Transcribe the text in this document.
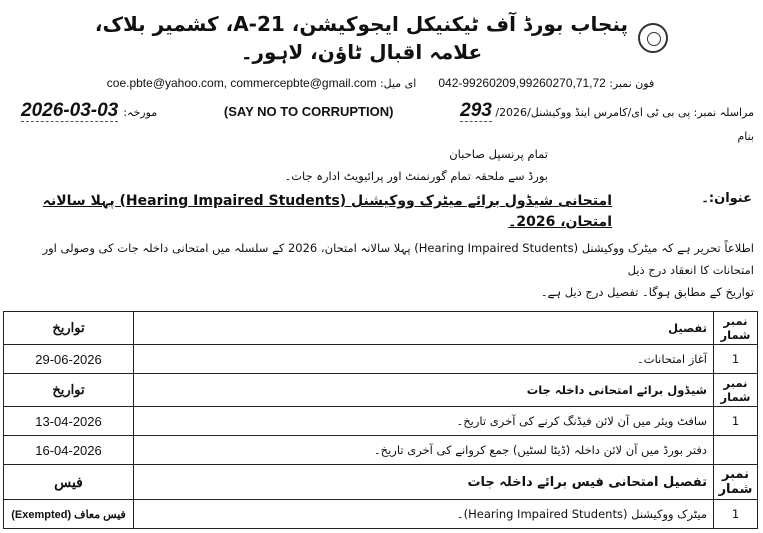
پنجاب بورڈ آف ٹیکنیکل ایجوکیشن، A-21، کشمیر بلاک، علامہ اقبال ٹاؤن، لاہور۔
فون نمبر: 042-99260209,99260270,71,72
ای میل: coe.pbte@yahoo.com, commercepbte@gmail.com
مراسلہ نمبر: پی بی ٹی ای/کامرس اینڈ ووکیشنل/2026/ 293
(SAY NO TO CORRUPTION)
مورخہ: 03-03-2026
بنام
تمام پرنسپل صاحبان
بورڈ سے ملحقہ تمام گورنمنٹ اور پرائیویٹ ادارہ جات۔
عنوان:۔
امتحانی شیڈول برائے میٹرک ووکیشنل (Hearing Impaired Students) پہلا سالانہ امتحان، 2026۔
اطلاعاً تحریر ہے کہ میٹرک ووکیشنل (Hearing Impaired Students) پہلا سالانہ امتحان، 2026 کے سلسلہ میں امتحانی داخلہ جات کی وصولی اور امتحانات کا انعقاد درج ذیل
تواریخ کے مطابق ہوگا۔ تفصیل درج ذیل ہے۔
تواریخ	تفصیل	نمبر شمار
29-06-2026	آغاز امتحانات۔	1
تواریخ	شیڈول برائے امتحانی داخلہ جات	نمبر شمار
13-04-2026	سافٹ ویئر میں آن لائن فیڈنگ کرنے کی آخری تاریخ۔	1
16-04-2026	دفتر بورڈ میں آن لائن داخلہ (ڈیٹا لسٹیں) جمع کروانے کی آخری تاریخ۔	
فیس	تفصیل امتحانی فیس برائے داخلہ جات	نمبر شمار
فیس معاف (Exempted)	میٹرک ووکیشنل (Hearing Impaired Students)۔	1
